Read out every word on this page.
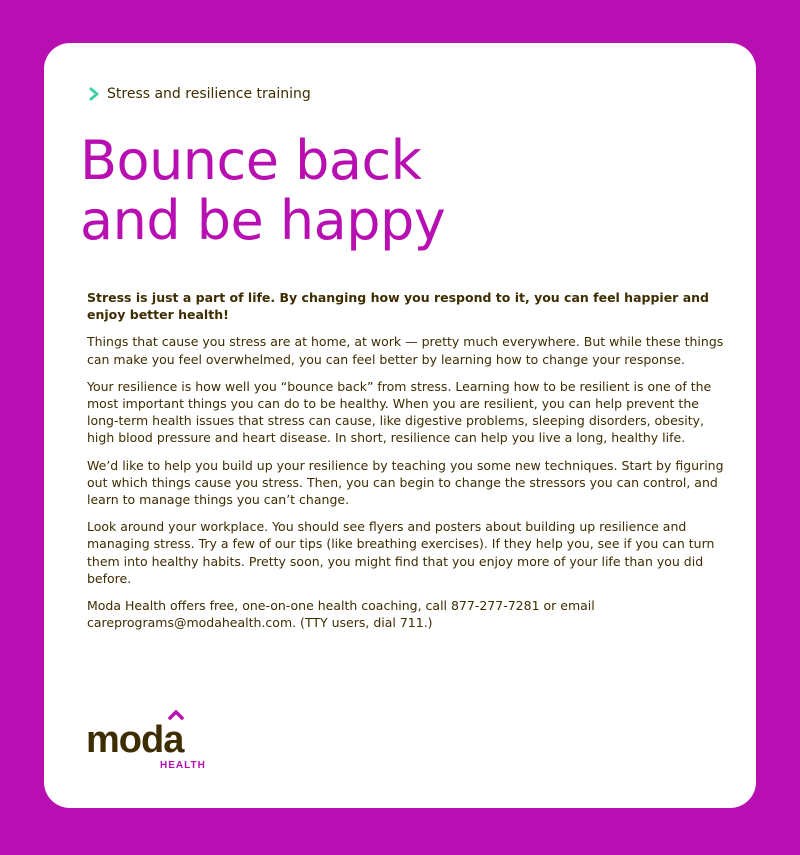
Stress and resilience training
Bounce back
and be happy

Stress is just a part of life. By changing how you respond to it, you can feel happier and enjoy better health!

Things that cause you stress are at home, at work — pretty much everywhere. But while these things can make you feel overwhelmed, you can feel better by learning how to change your response.

Your resilience is how well you “bounce back” from stress. Learning how to be resilient is one of the most important things you can do to be healthy. When you are resilient, you can help prevent the long-term health issues that stress can cause, like digestive problems, sleeping disorders, obesity, high blood pressure and heart disease. In short, resilience can help you live a long, healthy life.

We’d like to help you build up your resilience by teaching you some new techniques. Start by figuring out which things cause you stress. Then, you can begin to change the stressors you can control, and learn to manage things you can’t change.

Look around your workplace. You should see flyers and posters about building up resilience and managing stress. Try a few of our tips (like breathing exercises). If they help you, see if you can turn them into healthy habits. Pretty soon, you might find that you enjoy more of your life than you did before.

Moda Health offers free, one-on-one health coaching, call 877-277-7281 or email careprograms@modahealth.com. (TTY users, dial 711.)

moda
HEALTH
